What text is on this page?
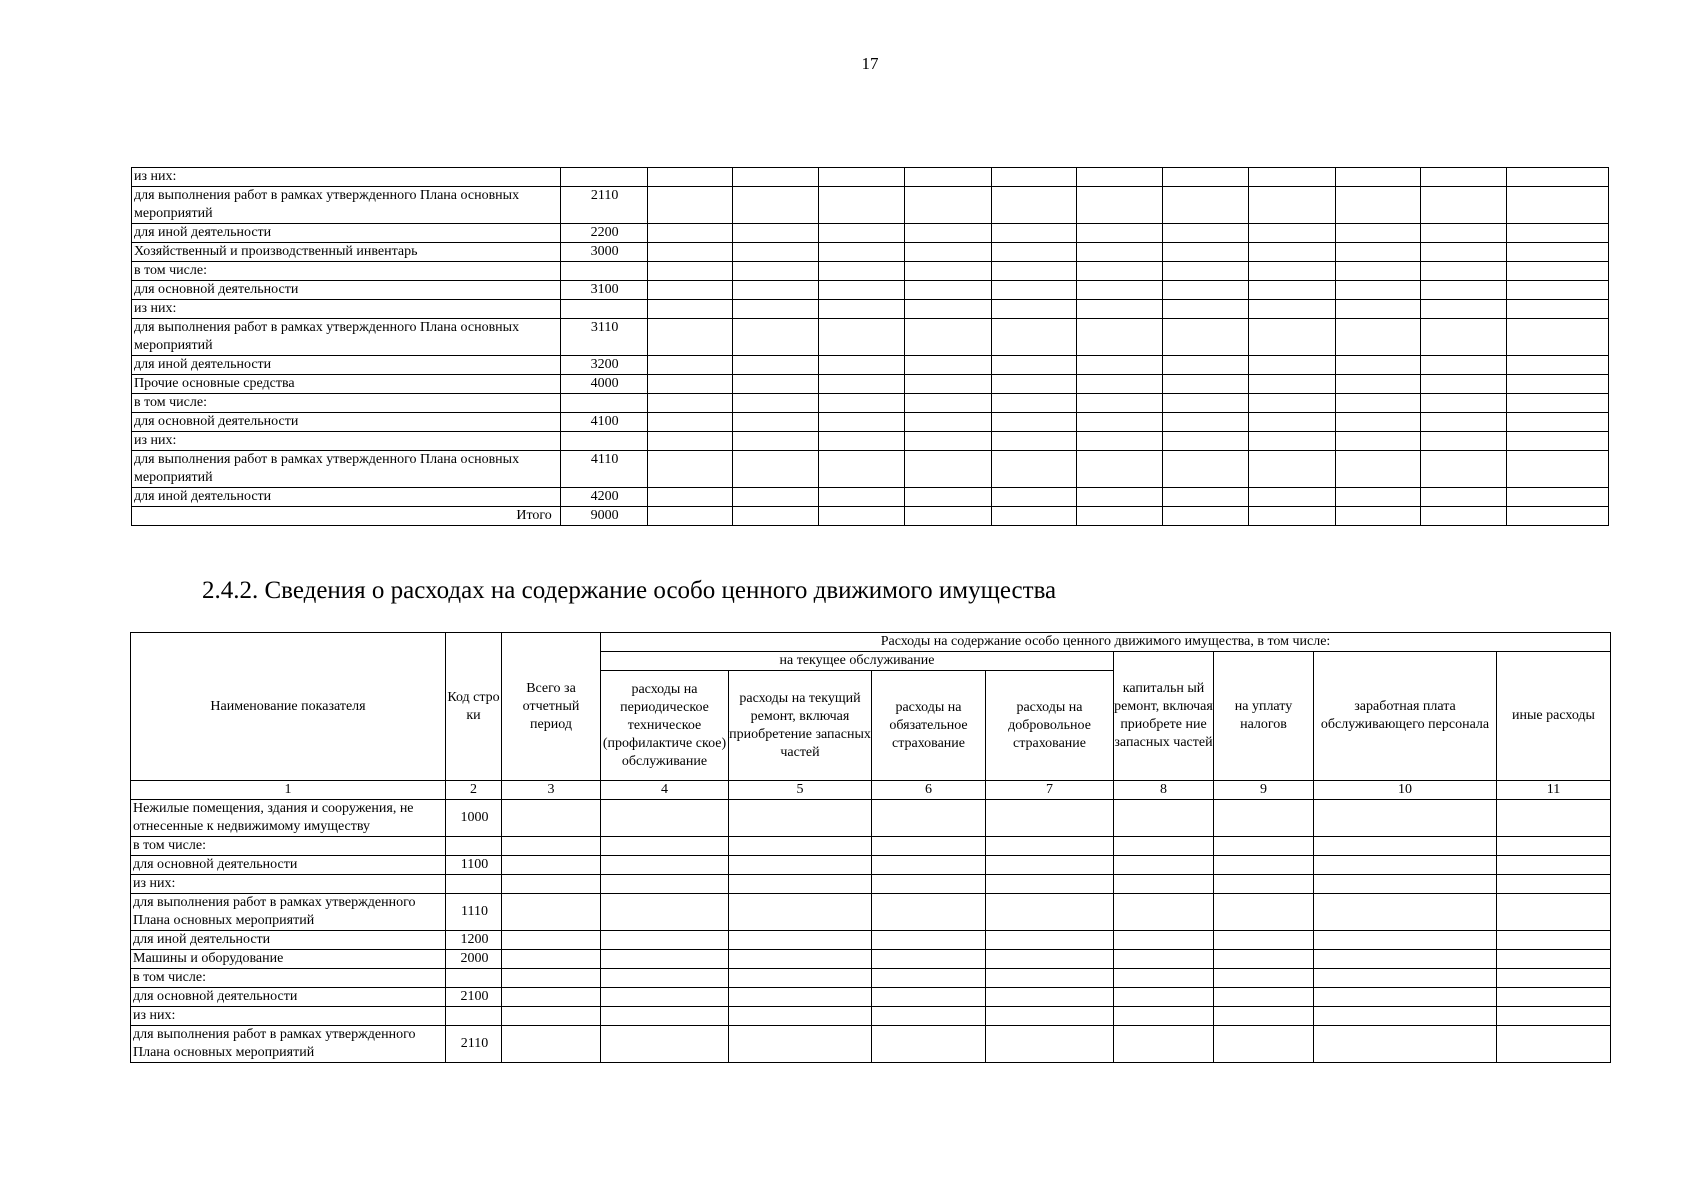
17
из них:												
для выполнения работ в рамках утвержденного Плана основных мероприятий	2110											
для иной деятельности	2200											
Хозяйственный и производственный инвентарь	3000											
в том числе:												
для основной деятельности	3100											
из них:												
для выполнения работ в рамках утвержденного Плана основных мероприятий	3110											
для иной деятельности	3200											
Прочие основные средства	4000											
в том числе:												
для основной деятельности	4100											
из них:												
для выполнения работ в рамках утвержденного Плана основных мероприятий	4110											
для иной деятельности	4200											
Итого	9000											
2.4.2. Сведения о расходах на содержание особо ценного движимого имущества
Наименование показателя	Код стро ки	Всего за отчетный период	Расходы на содержание особо ценного движимого имущества, в том числе:							
			на текущее обслуживание				капитальн ый ремонт, включая приобрете ние запасных частей	на уплату налогов	заработная плата обслуживающего персонала	иные расходы
			расходы на периодическое техническое (профилактиче ское) обслуживание	расходы на текущий ремонт, включая приобретение запасных частей	расходы на обязательное страхование	расходы на добровольное страхование				
1	2	3	4	5	6	7	8	9	10	11
Нежилые помещения, здания и сооружения, не отнесенные к недвижимому имуществу	1000									
в том числе:										
для основной деятельности	1100									
из них:										
для выполнения работ в рамках утвержденного Плана основных мероприятий	1110									
для иной деятельности	1200									
Машины и оборудование	2000									
в том числе:										
для основной деятельности	2100									
из них:										
для выполнения работ в рамках утвержденного Плана основных мероприятий	2110									
